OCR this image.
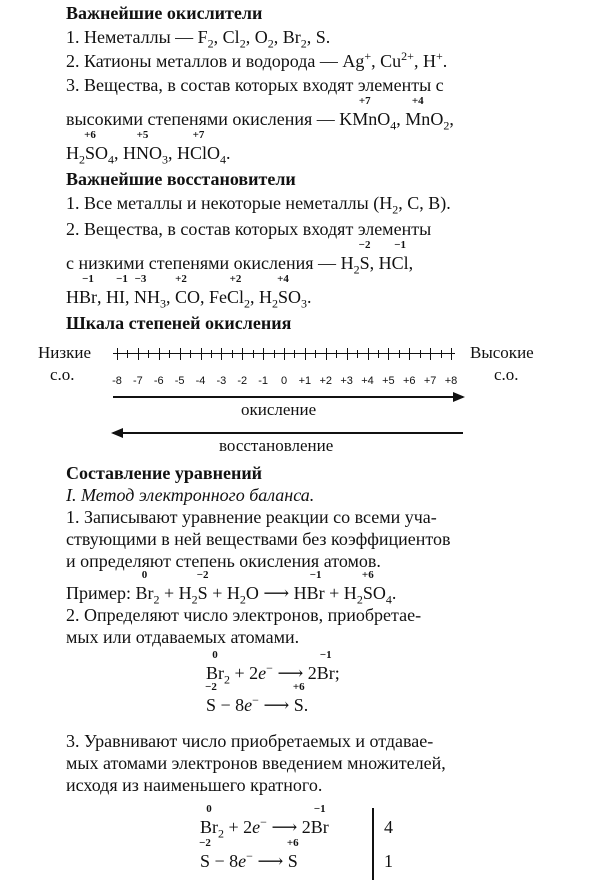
Важнейшие окислители
1. Неметаллы — $F_2$, $Cl_2$, $O_2$, $Br_2$, S.
2. Катионы металлов и водорода — Ag+, $Cu^{2+}$, H+.
3. Вещества, в состав которых входят элементы с
высокими степенями окисления — KMn
+7
$O_4$, Mn
+4
$O_2$,
$H_2S$
+6
$O_4$, HN
+5
$O_3$, HCl
+7
$O_4$.
Важнейшие восстановители
1. Все металлы и некоторые неметаллы ($H_2$, C, B).
2. Вещества, в состав которых входят элементы
с низкими степенями окисления — $H_2S$
−2
, HCl
−1
,
HBr
−1
, HI
−1
, N
−3
$H_3$, C
+2
O, FeCl
+2
$_2$, $H_2S$
+4
$O_3$.
Шкала степеней окисления
Низкие
с.о.
Высокие
с.о.
-8 -7 -6 -5 -4 -3 -2 -1 0 +1 +2 +3 +4 +5 +6 +7 +8
окисление
восстановление
Составление уравнений
I. Метод электронного баланса.
1. Записывают уравнение реакции со всеми уча-
ствующими в ней веществами без коэффициентов
и определяют степень окисления атомов.
Пример: Br
0
$_2 + H_2S$
−2
+ $H_2O$ ⟶ HBr
−1
+ $H_2S$
+6
$O_4$.
2. Определяют число электронов, приобретае-
мых или отдаваемых атомами.
Br
0
$_2$ + 2e− ⟶ 2Br
−1
;
S
−2
− 8e− ⟶ S
+6
.
3. Уравнивают число приобретаемых и отдавае-
мых атомами электронов введением множителей,
исходя из наименьшего кратного.
Br
0
$_2$ + 2e− ⟶ 2Br
−1
S
−2
− 8e− ⟶ S
+6
4
1
